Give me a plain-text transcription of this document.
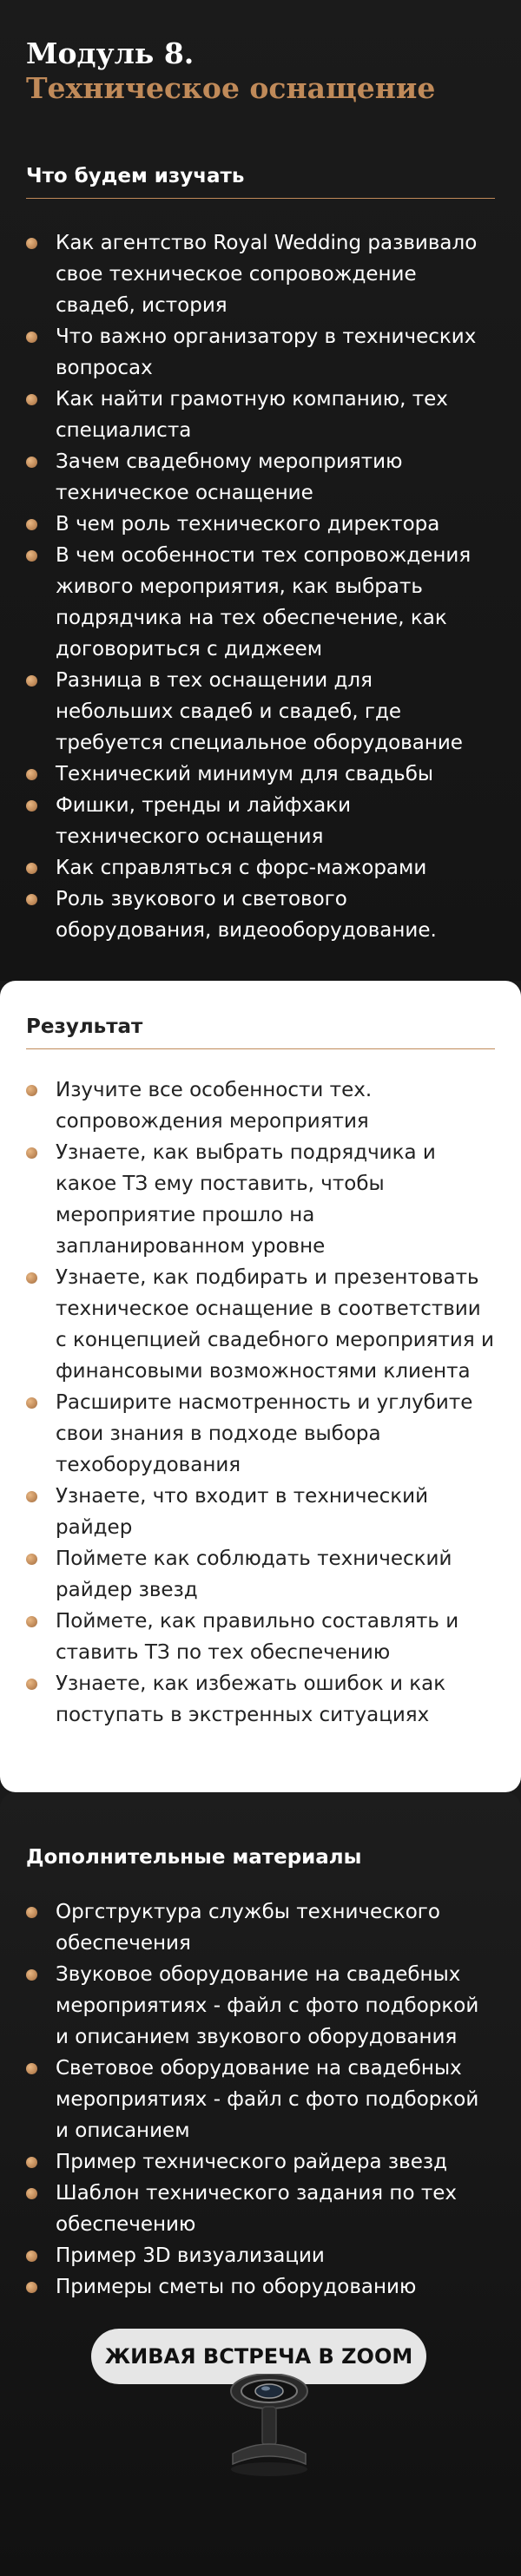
Модуль 8.
Техническое оснащение
Что будем изучать
Как агентство Royal Wedding развивало свое техническое сопровождение свадеб, история
Что важно организатору в технических вопросах
Как найти грамотную компанию, тех специалиста
Зачем свадебному мероприятию техническое оснащение
В чем роль технического директора
В чем особенности тех сопровождения живого мероприятия, как выбрать подрядчика на тех обеспечение, как договориться с диджеем
Разница в тех оснащении для небольших свадеб и свадеб, где требуется специальное оборудование
Технический минимум для свадьбы
Фишки, тренды и лайфхаки технического оснащения
Как справляться с форс-мажорами
Роль звукового и светового оборудования, видеооборудование.
Результат
Изучите все особенности тех. сопровождения мероприятия
Узнаете, как выбрать подрядчика и какое ТЗ ему поставить, чтобы мероприятие прошло на запланированном уровне
Узнаете, как подбирать и презентовать техническое оснащение в соответствии с концепцией свадебного мероприятия и финансовыми возможностями клиента
Расширите насмотренность и углубите свои знания в подходе выбора техоборудования
Узнаете, что входит в технический райдер
Поймете как соблюдать технический райдер звезд
Поймете, как правильно составлять и ставить ТЗ по тех обеспечению
Узнаете, как избежать ошибок и как поступать в экстренных ситуациях
Дополнительные материалы
Оргструктура службы технического обеспечения
Звуковое оборудование на свадебных мероприятиях - файл с фото подборкой и описанием звукового оборудования
Световое оборудование на свадебных мероприятиях - файл с фото подборкой и описанием
Пример технического райдера звезд
Шаблон технического задания по тех обеспечению
Пример 3D визуализации
Примеры сметы по оборудованию
ЖИВАЯ ВСТРЕЧА В ZOOM
